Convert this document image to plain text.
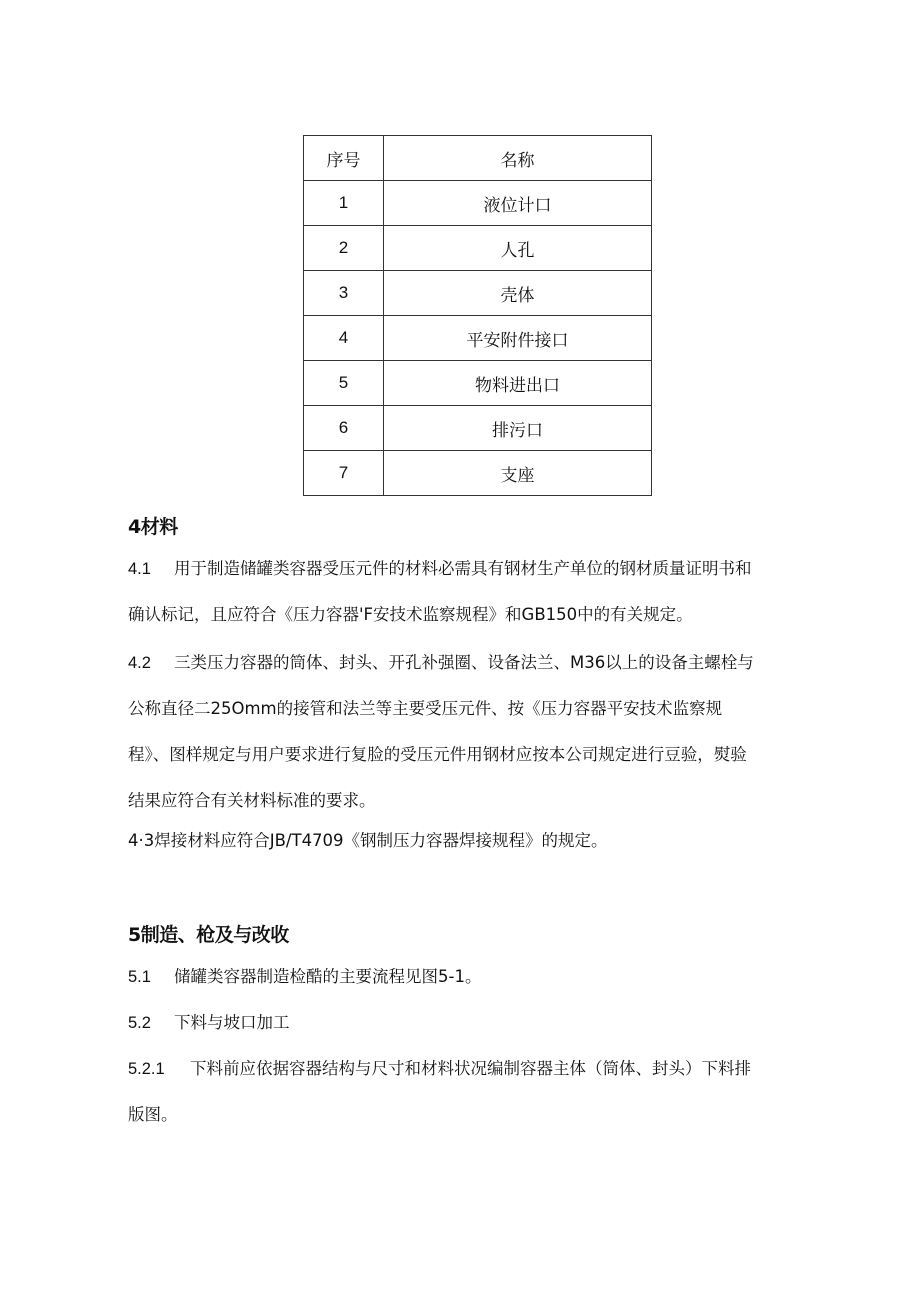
序号	名称
1	液位计口
2	人孔
3	壳体
4	平安附件接口
5	物料进出口
6	排污口
7	支座
4材料
4.1 用于制造储罐类容器受压元件的材料必需具有钢材生产单位的钢材质量证明书和
确认标记，且应符合《压力容器'F安技术监察规程》和GB150中的有关规定。
4.2 三类压力容器的筒体、封头、开孔补强圈、设备法兰、M36以上的设备主螺栓与
公称直径二25Omm的接管和法兰等主要受压元件、按《压力容器平安技术监察规
程》、图样规定与用户要求进行复脸的受压元件用钢材应按本公司规定进行豆验，熨验
结果应符合有关材料标准的要求。
4·3焊接材料应符合JB/T4709《钢制压力容器焊接规程》的规定。
5制造、枪及与改收
5.1 储罐类容器制造检酷的主要流程见图5-1。
5.2 下料与坡口加工
5.2.1 下料前应依据容器结构与尺寸和材料状况编制容器主体（筒体、封头）下料排
版图。
